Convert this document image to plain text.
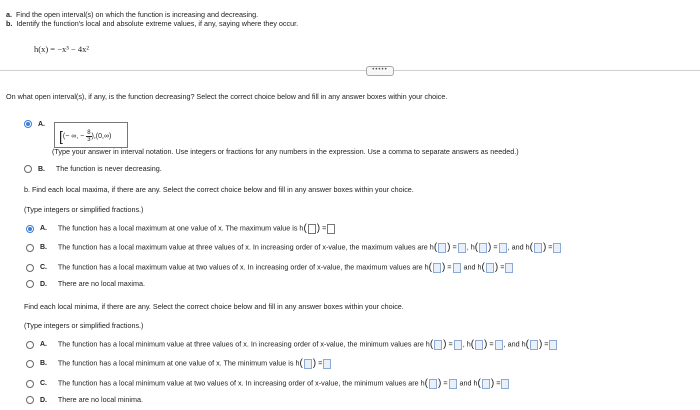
a. Find the open interval(s) on which the function is increasing and decreasing.
b. Identify the function's local and absolute extreme values, if any, saying where they occur.
h(x) = −x³ − 4x²
•••••
On what open interval(s), if any, is the function decreasing? Select the correct choice below and fill in any answer boxes within your choice.
A.
[(− ∞, − $\frac{8}{3} ),(0,\infty)$
(Type your answer in interval notation. Use integers or fractions for any numbers in the expression. Use a comma to separate answers as needed.)
B. The function is never decreasing.
b. Find each local maxima, if there are any. Select the correct choice below and fill in any answer boxes within your choice.
(Type integers or simplified fractions.)
A. The function has a local maximum at one value of x. The maximum value is h( ) =
B. The function has a local maximum value at three values of x. In increasing order of x-value, the maximum values are h( ) = , h( ) = , and h( ) =
C. The function has a local maximum value at two values of x. In increasing order of x-value, the maximum values are h( ) = and h( ) =
D. There are no local maxima.
Find each local minima, if there are any. Select the correct choice below and fill in any answer boxes within your choice.
(Type integers or simplified fractions.)
A. The function has a local minimum value at three values of x. In increasing order of x-value, the minimum values are h( ) = , h( ) = , and h( ) =
B. The function has a local minimum at one value of x. The minimum value is h( ) =
C. The function has a local minimum value at two values of x. In increasing order of x-value, the minimum values are h( ) = and h( ) =
D. There are no local minima.
